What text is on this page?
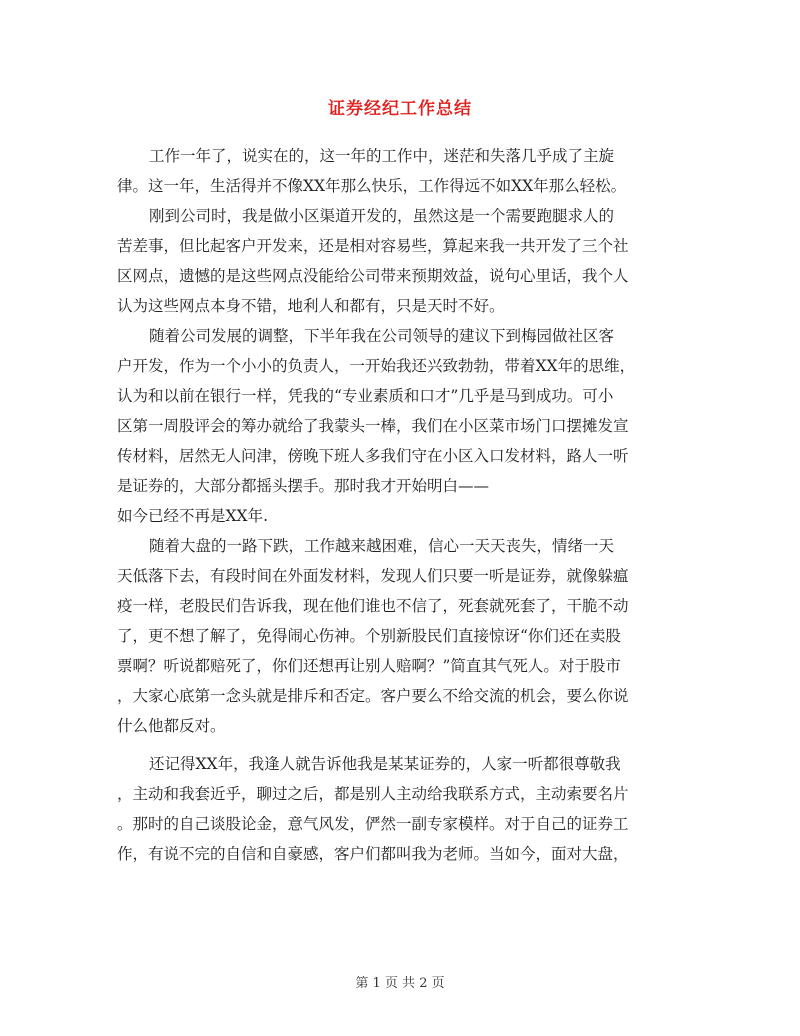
证券经纪工作总结
工作一年了，说实在的，这一年的工作中，迷茫和失落几乎成了主旋
律。这一年，生活得并不像XX年那么快乐，工作得远不如XX年那么轻松。
刚到公司时，我是做小区渠道开发的，虽然这是一个需要跑腿求人的
苦差事，但比起客户开发来，还是相对容易些，算起来我一共开发了三个社
区网点，遗憾的是这些网点没能给公司带来预期效益，说句心里话，我个人
认为这些网点本身不错，地利人和都有，只是天时不好。
随着公司发展的调整，下半年我在公司领导的建议下到梅园做社区客
户开发，作为一个小小的负责人，一开始我还兴致勃勃，带着XX年的思维，
认为和以前在银行一样，凭我的“专业素质和口才”几乎是马到成功。可小
区第一周股评会的筹办就给了我蒙头一棒，我们在小区菜市场门口摆摊发宣
传材料，居然无人问津，傍晚下班人多我们守在小区入口发材料，路人一听
是证券的，大部分都摇头摆手。那时我才开始明白——
如今已经不再是XX年.
随着大盘的一路下跌，工作越来越困难，信心一天天丧失，情绪一天
天低落下去，有段时间在外面发材料，发现人们只要一听是证券，就像躲瘟
疫一样，老股民们告诉我，现在他们谁也不信了，死套就死套了，干脆不动
了，更不想了解了，免得闹心伤神。个别新股民们直接惊讶“你们还在卖股
票啊？听说都赔死了，你们还想再让别人赔啊？”简直其气死人。对于股市
，大家心底第一念头就是排斥和否定。客户要么不给交流的机会，要么你说
什么他都反对。
还记得XX年，我逢人就告诉他我是某某证券的，人家一听都很尊敬我
，主动和我套近乎，聊过之后，都是别人主动给我联系方式，主动索要名片
。那时的自己谈股论金，意气风发，俨然一副专家模样。对于自己的证券工
作，有说不完的自信和自豪感，客户们都叫我为老师。当如今，面对大盘，
第 1 页 共 2 页
